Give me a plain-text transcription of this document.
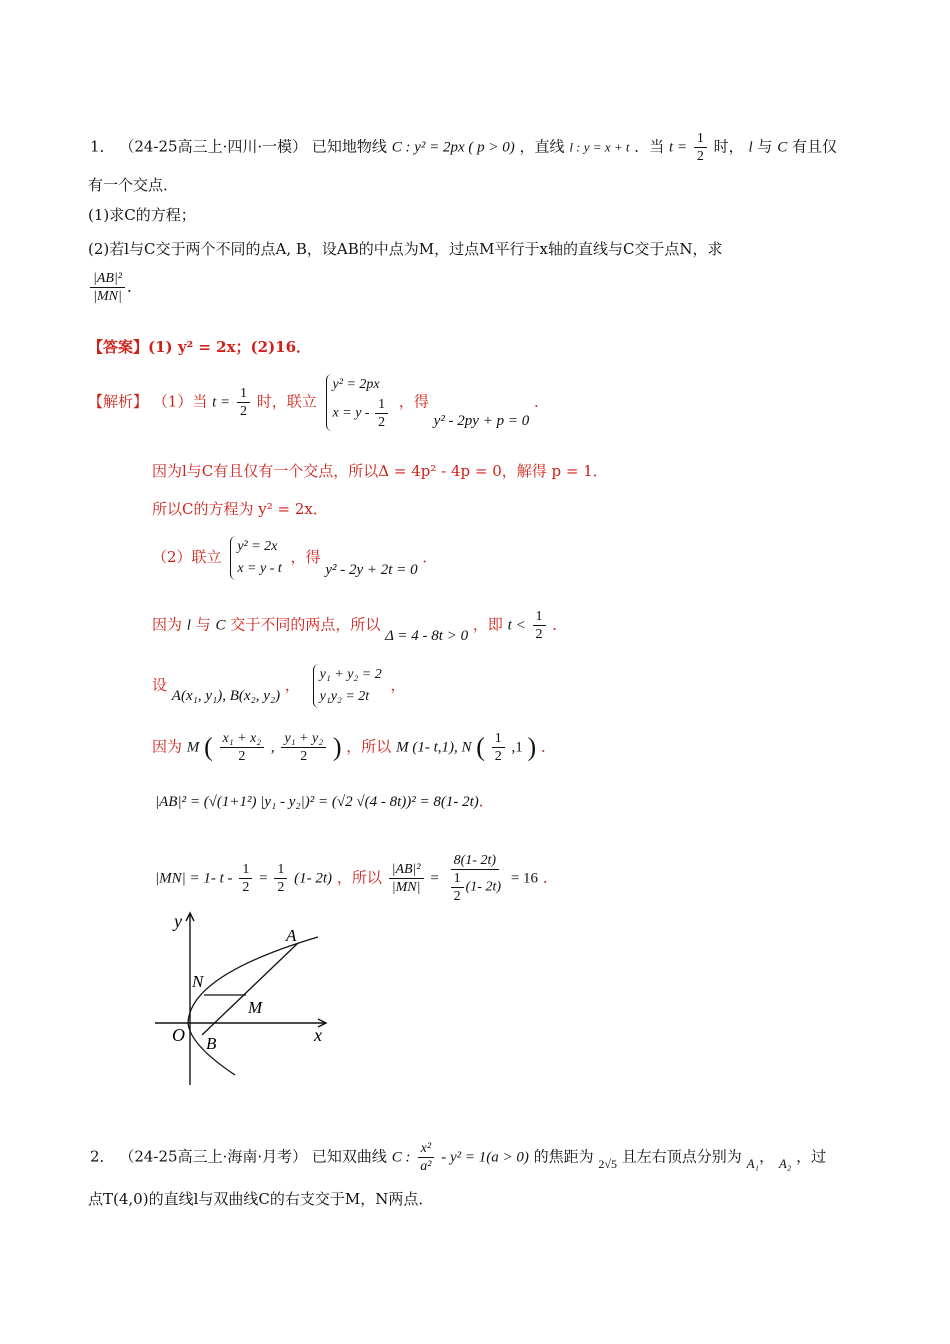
1． （24-25高三上·四川·一模） 已知地物线 C : y² = 2px ( p > 0) ，直线 l : y = x + t ．当 $t = \frac{1}{2}$ 时， l 与 C 有且仅
有一个交点．
(1)求C的方程；
(2)若l与C交于两个不同的点A, B，设AB的中点为M，过点M平行于x轴的直线与C交于点N，求
$\frac{\text{|AB|²}}{|MN|}$ ．
【答案】(1) y² = 2x；(2)16．
【解析】 （1）当 $t = \frac{1}{2}$ 时，联立 y² = 2px
$x = y - \frac{1}{2}$ ，得 y² - 2py + p = 0 ．
因为l与C有且仅有一个交点，所以Δ = 4p² - 4p = 0，解得 p = 1．
所以C的方程为 y² = 2x．
（2）联立 y² = 2x
x = y - t ，得 y² - 2y + 2t = 0 ．
因为 l 与 C 交于不同的两点，所以 Δ = 4 - 8t > 0 ，即 $t < \frac{1}{2}$ ．
设 A(x₁, y₁), B(x₂, y₂) ， y₁ + y₂ = 2
y₁y₂ = 2t ，
因为 M ( $\frac{\text{x₁ + x₂}}{2}$ , $\frac{\text{y₁ + y₂}}{2}$ ) ，所以 M (1- t,1), N ( $\frac{1}{2} ,1$ ) ．
|AB|² = (√(1+1²) |y₁ - y₂|)² = (√2 √(4 - 8t))² = 8(1- 2t)．
|MN| = 1- $t - \frac{1}{2} = \frac{1}{2} (1-$ 2t) ，所以 $\frac{\text{|AB|²}}{|MN|} = \frac{8(1- 2t)}{\frac{1}{2} (1- 2t)} = 16$ ．
y
x
O
A
B
N
M
2． （24-25高三上·海南·月考） 已知双曲线 C : $\frac{\text{x²}}{\text{a²}} - y^2 = 1(a > 0)$ 的焦距为 $_{2√5}$ 且左右顶点分别为 A₁， A₂ ，过
点T(4,0)的直线l与双曲线C的右支交于M，N两点．
